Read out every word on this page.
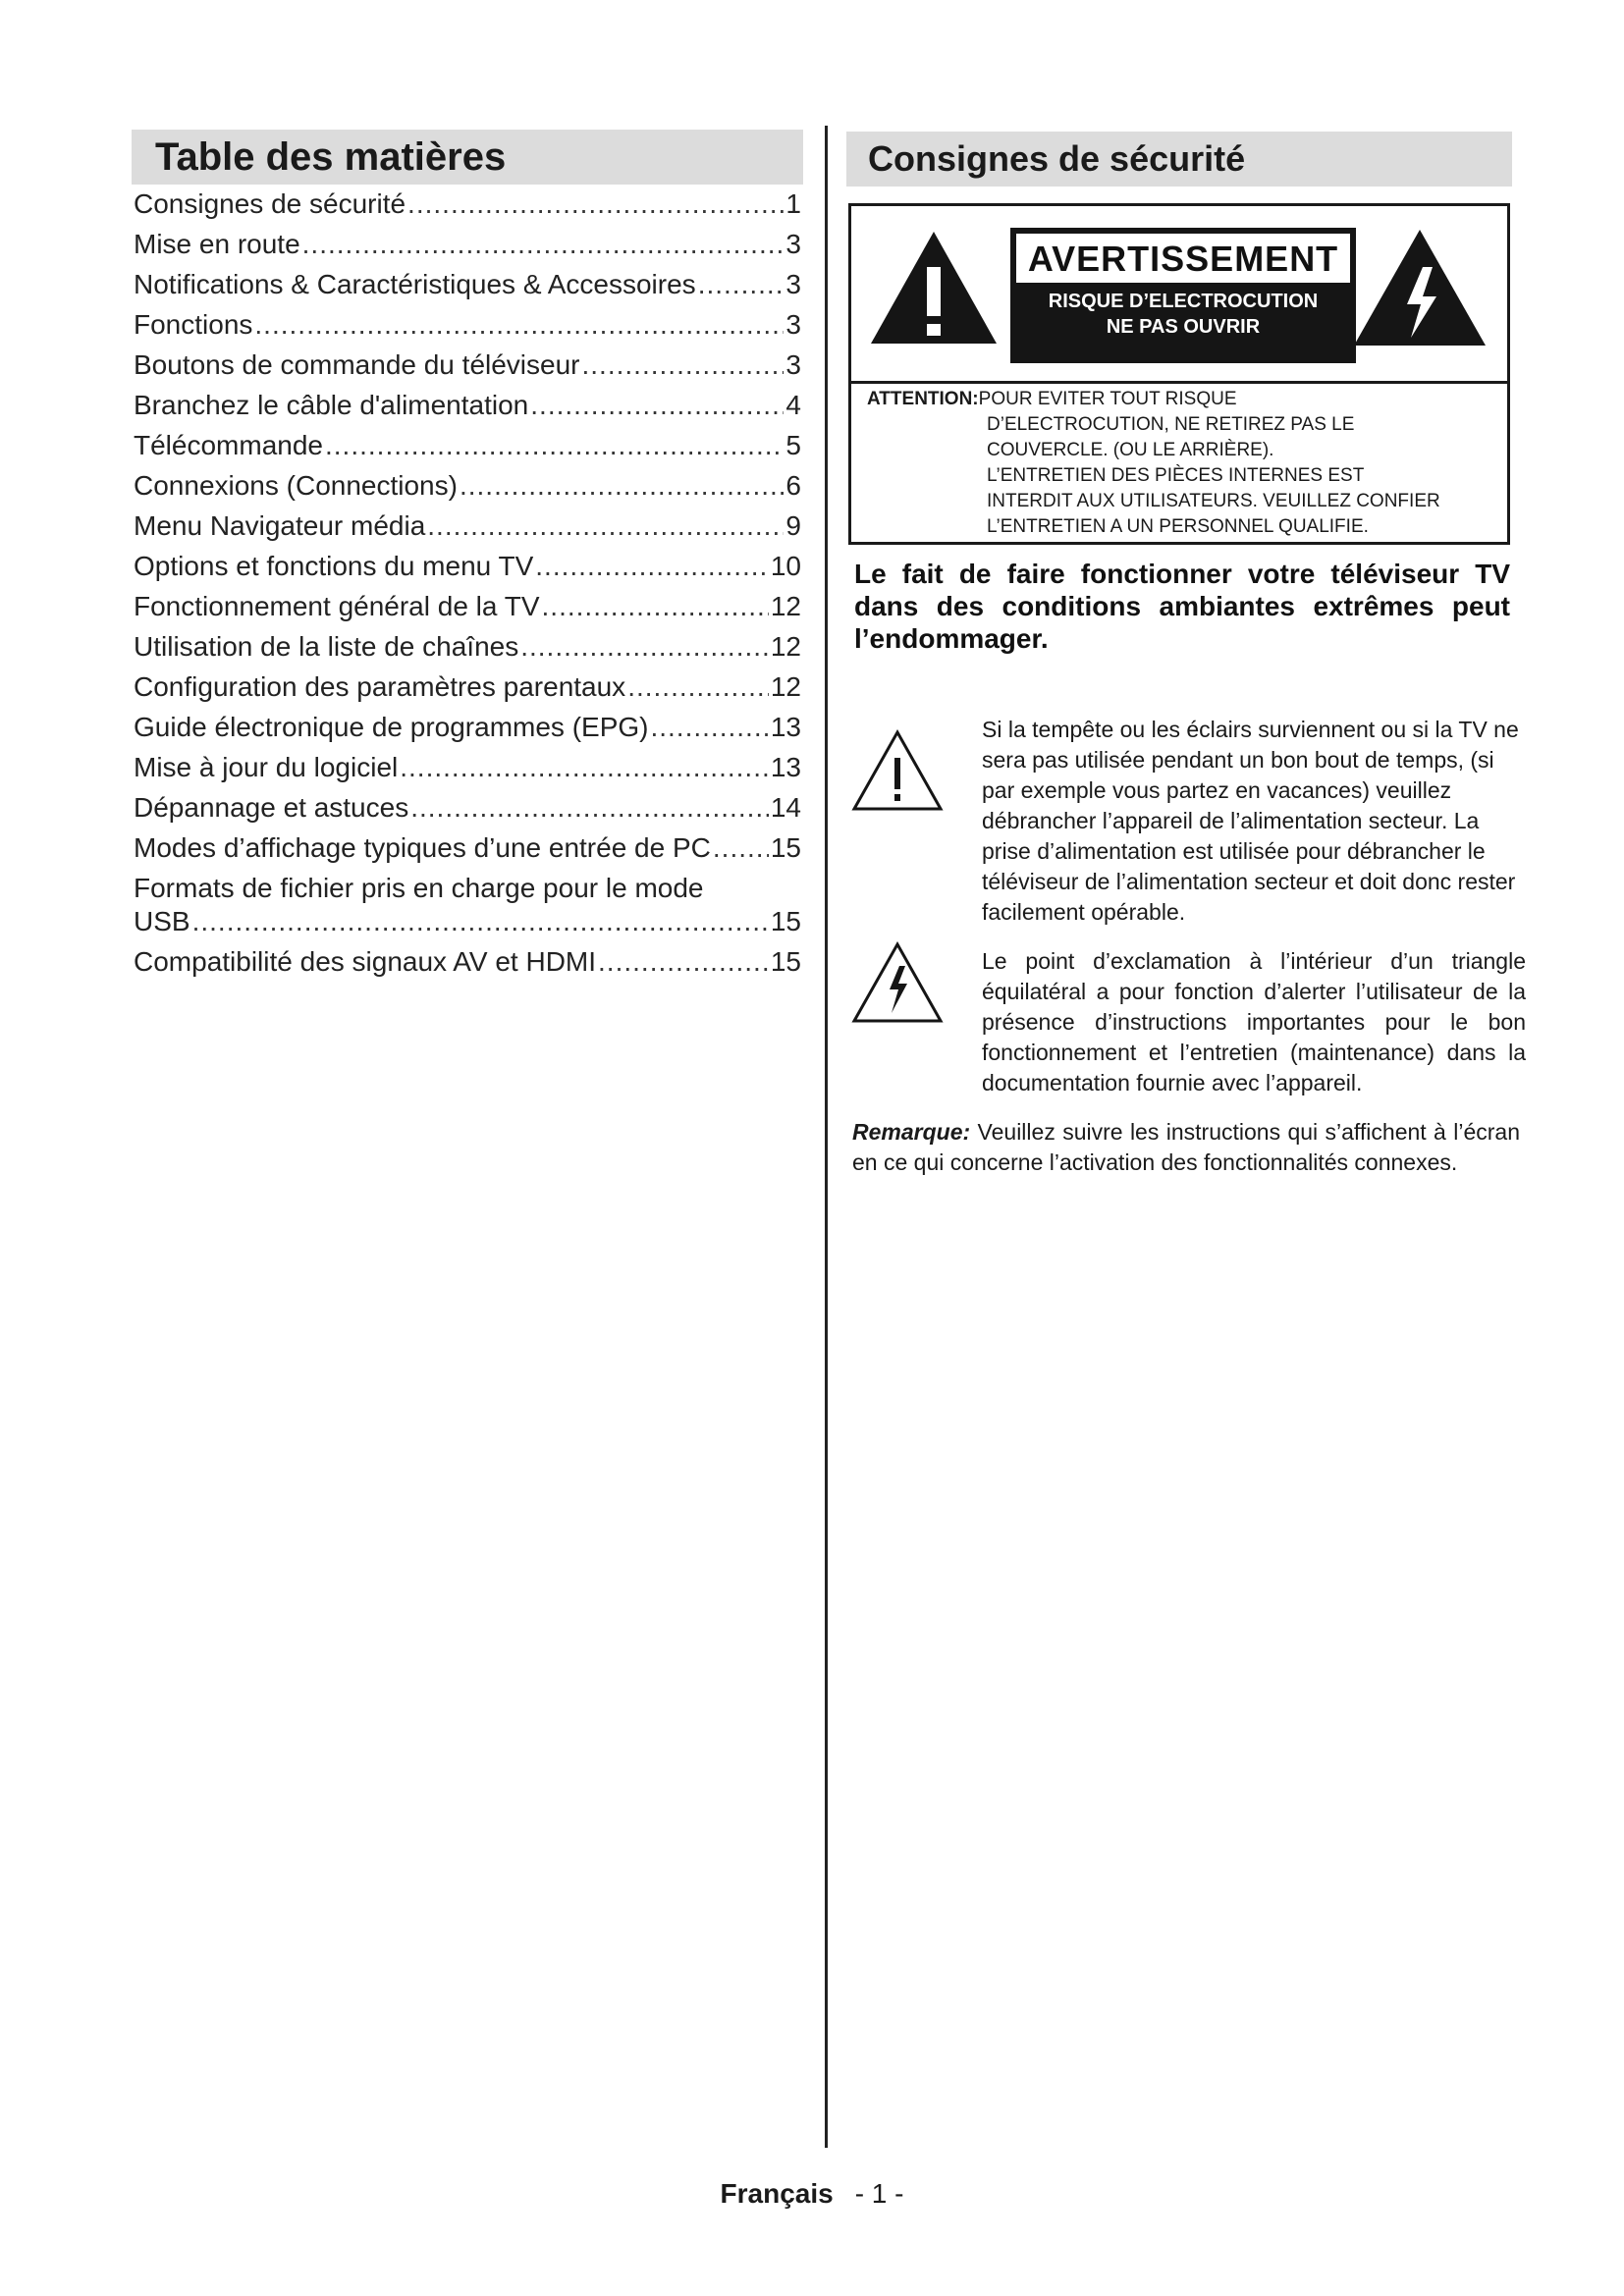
Table des matières
Consignes de sécurité .....	1
Mise en route .....	3
Notifications & Caractéristiques & Accessoires .....	3
Fonctions .....	3
Boutons de commande du téléviseur .....	3
Branchez le câble d'alimentation .....	4
Télécommande .....	5
Connexions (Connections) .....	6
Menu Navigateur média .....	9
Options et fonctions du menu TV .....	10
Fonctionnement général de la TV .....	12
Utilisation de la liste de chaînes .....	12
Configuration des paramètres parentaux .....	12
Guide électronique de programmes (EPG) .....	13
Mise à jour du logiciel .....	13
Dépannage et astuces .....	14
Modes d’affichage typiques d’une entrée de PC ..... 15
Formats de fichier pris en charge pour le mode
USB .....	15
Compatibilité des signaux AV et HDMI .....	15
Consignes de sécurité
AVERTISSEMENT
RISQUE D’ELECTROCUTION
NE PAS OUVRIR
ATTENTION:POUR EVITER TOUT RISQUE
D’ELECTROCUTION, NE RETIREZ PAS LE
COUVERCLE. (OU LE ARRIÈRE).
L’ENTRETIEN DES PIÈCES INTERNES EST
INTERDIT AUX UTILISATEURS. VEUILLEZ CONFIER
L’ENTRETIEN A UN PERSONNEL QUALIFIE.
Le fait de faire fonctionner votre téléviseur TV dans des conditions ambiantes extrêmes peut l’endommager.
Si la tempête ou les éclairs surviennent ou si la TV ne sera pas utilisée pendant un bon bout de temps, (si par exemple vous partez en vacances) veuillez débrancher l’appareil de l’alimentation secteur. La prise d’alimentation est utilisée pour débrancher le téléviseur de l’alimentation secteur et doit donc rester facilement opérable.
Le point d’exclamation à l’intérieur d’un triangle équilatéral a pour fonction d’alerter l’utilisateur de la présence d’instructions importantes pour le bon fonctionnement et l’entretien (maintenance) dans la documentation fournie avec l’appareil.
Remarque: Veuillez suivre les instructions qui s’affichent à l’écran en ce qui concerne l’activation des fonctionnalités connexes.
Français - 1 -
